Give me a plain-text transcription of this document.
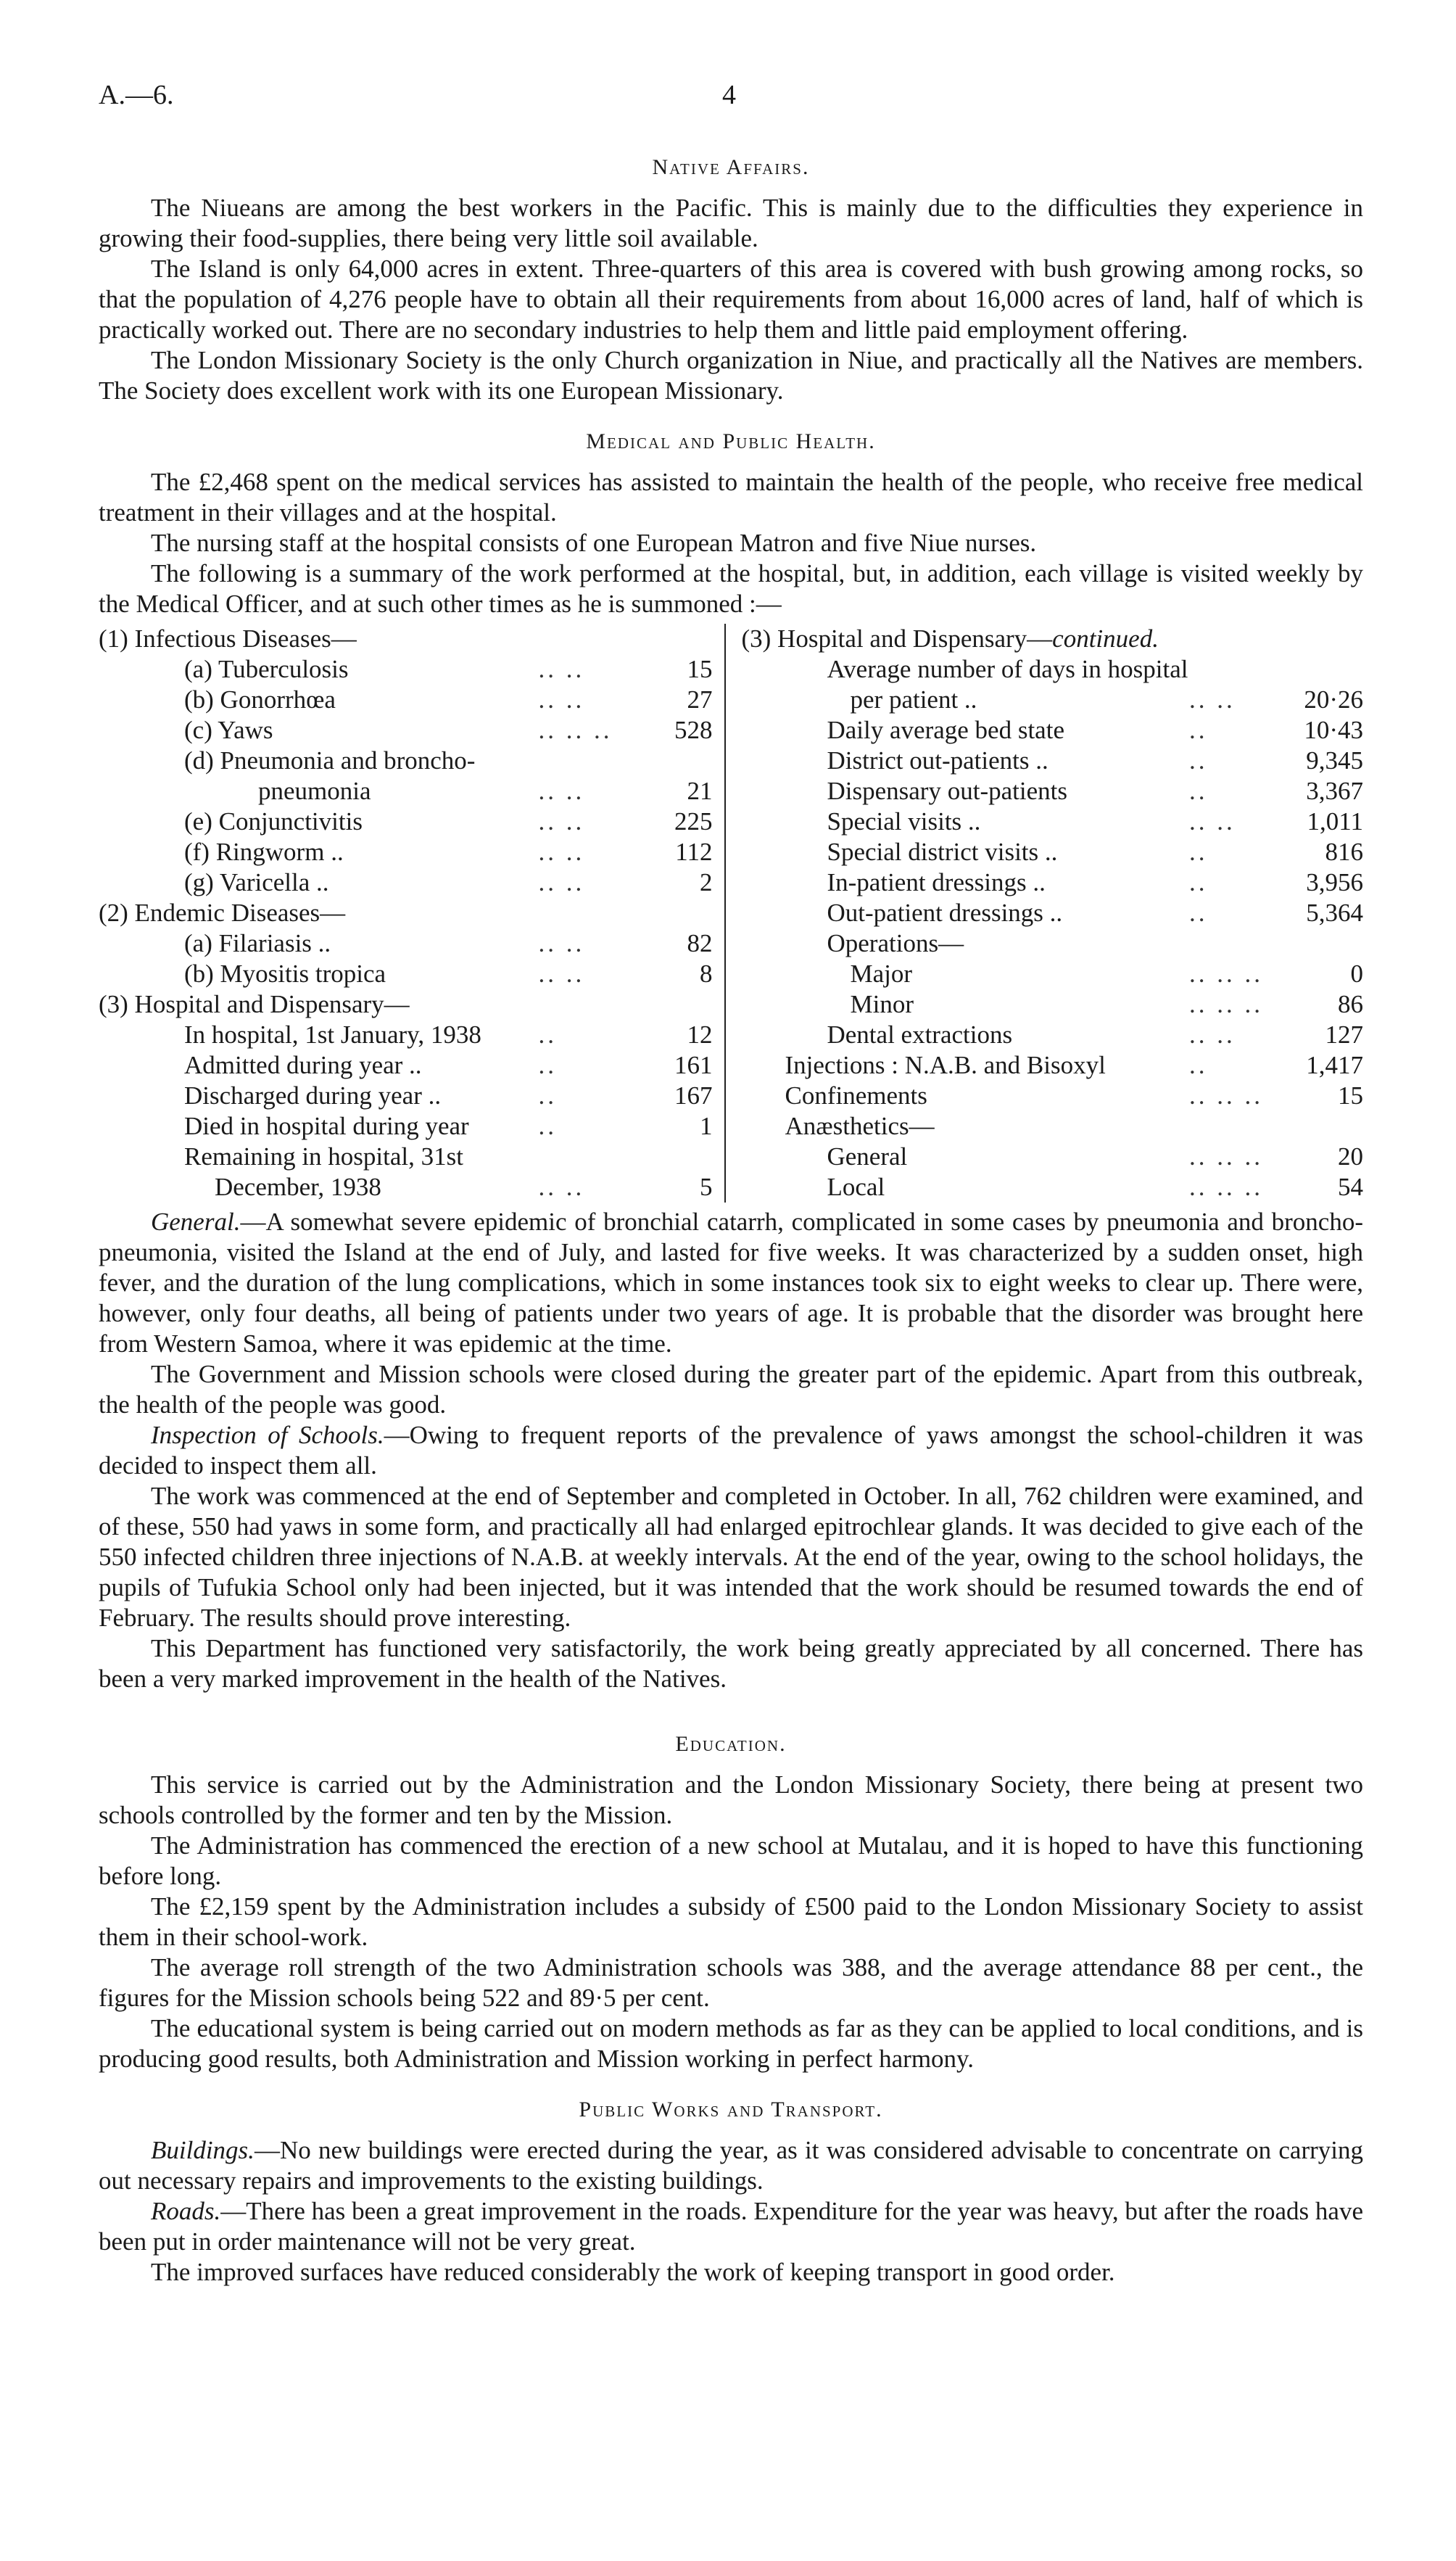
A.—6.	4
Native Affairs.

The Niueans are among the best workers in the Pacific. This is mainly due to the difficulties they experience in growing their food-supplies, there being very little soil available.

The Island is only 64,000 acres in extent. Three-quarters of this area is covered with bush growing among rocks, so that the population of 4,276 people have to obtain all their requirements from about 16,000 acres of land, half of which is practically worked out. There are no secondary industries to help them and little paid employment offering.

The London Missionary Society is the only Church organization in Niue, and practically all the Natives are members. The Society does excellent work with its one European Missionary.

Medical and Public Health.

The £2,468 spent on the medical services has assisted to maintain the health of the people, who receive free medical treatment in their villages and at the hospital.

The nursing staff at the hospital consists of one European Matron and five Niue nurses.

The following is a summary of the work performed at the hospital, but, in addition, each village is visited weekly by the Medical Officer, and at such other times as he is summoned :—

(1) Infectious Diseases—
(a) Tuberculosis	.. ..	15
(b) Gonorrhœa	.. ..	27
(c) Yaws	.. .. ..	528
(d) Pneumonia and broncho-
pneumonia	.. ..	21
(e) Conjunctivitis	.. ..	225
(f) Ringworm ..	.. ..	112
(g) Varicella ..	.. ..	2
(2) Endemic Diseases—
(a) Filariasis ..	.. ..	82
(b) Myositis tropica	.. ..	8
(3) Hospital and Dispensary—
In hospital, 1st January, 1938	..	12
Admitted during year ..	..	161
Discharged during year ..	..	167
Died in hospital during year	..	1
Remaining in hospital, 31st
December, 1938	.. ..	5
(3) Hospital and Dispensary—continued.
Average number of days in hospital
per patient ..	.. ..	20·26
Daily average bed state	..	10·43
District out-patients ..	..	9,345
Dispensary out-patients	..	3,367
Special visits ..	.. ..	1,011
Special district visits ..	..	816
In-patient dressings ..	..	3,956
Out-patient dressings ..	..	5,364
Operations—
Major	.. .. ..	0
Minor	.. .. ..	86
Dental extractions	.. ..	127
Injections : N.A.B. and Bisoxyl	..	1,417
Confinements	.. .. ..	15
Anæsthetics—
General	.. .. ..	20
Local	.. .. ..	54

General.—A somewhat severe epidemic of bronchial catarrh, complicated in some cases by pneumonia and broncho-pneumonia, visited the Island at the end of July, and lasted for five weeks. It was characterized by a sudden onset, high fever, and the duration of the lung complications, which in some instances took six to eight weeks to clear up. There were, however, only four deaths, all being of patients under two years of age. It is probable that the disorder was brought here from Western Samoa, where it was epidemic at the time.

The Government and Mission schools were closed during the greater part of the epidemic. Apart from this outbreak, the health of the people was good.

Inspection of Schools.—Owing to frequent reports of the prevalence of yaws amongst the school-children it was decided to inspect them all.

The work was commenced at the end of September and completed in October. In all, 762 children were examined, and of these, 550 had yaws in some form, and practically all had enlarged epitrochlear glands. It was decided to give each of the 550 infected children three injections of N.A.B. at weekly intervals. At the end of the year, owing to the school holidays, the pupils of Tufukia School only had been injected, but it was intended that the work should be resumed towards the end of February. The results should prove interesting.

This Department has functioned very satisfactorily, the work being greatly appreciated by all concerned. There has been a very marked improvement in the health of the Natives.

Education.

This service is carried out by the Administration and the London Missionary Society, there being at present two schools controlled by the former and ten by the Mission.

The Administration has commenced the erection of a new school at Mutalau, and it is hoped to have this functioning before long.

The £2,159 spent by the Administration includes a subsidy of £500 paid to the London Missionary Society to assist them in their school-work.

The average roll strength of the two Administration schools was 388, and the average attendance 88 per cent., the figures for the Mission schools being 522 and 89·5 per cent.

The educational system is being carried out on modern methods as far as they can be applied to local conditions, and is producing good results, both Administration and Mission working in perfect harmony.

Public Works and Transport.

Buildings.—No new buildings were erected during the year, as it was considered advisable to concentrate on carrying out necessary repairs and improvements to the existing buildings.

Roads.—There has been a great improvement in the roads. Expenditure for the year was heavy, but after the roads have been put in order maintenance will not be very great.

The improved surfaces have reduced considerably the work of keeping transport in good order.
